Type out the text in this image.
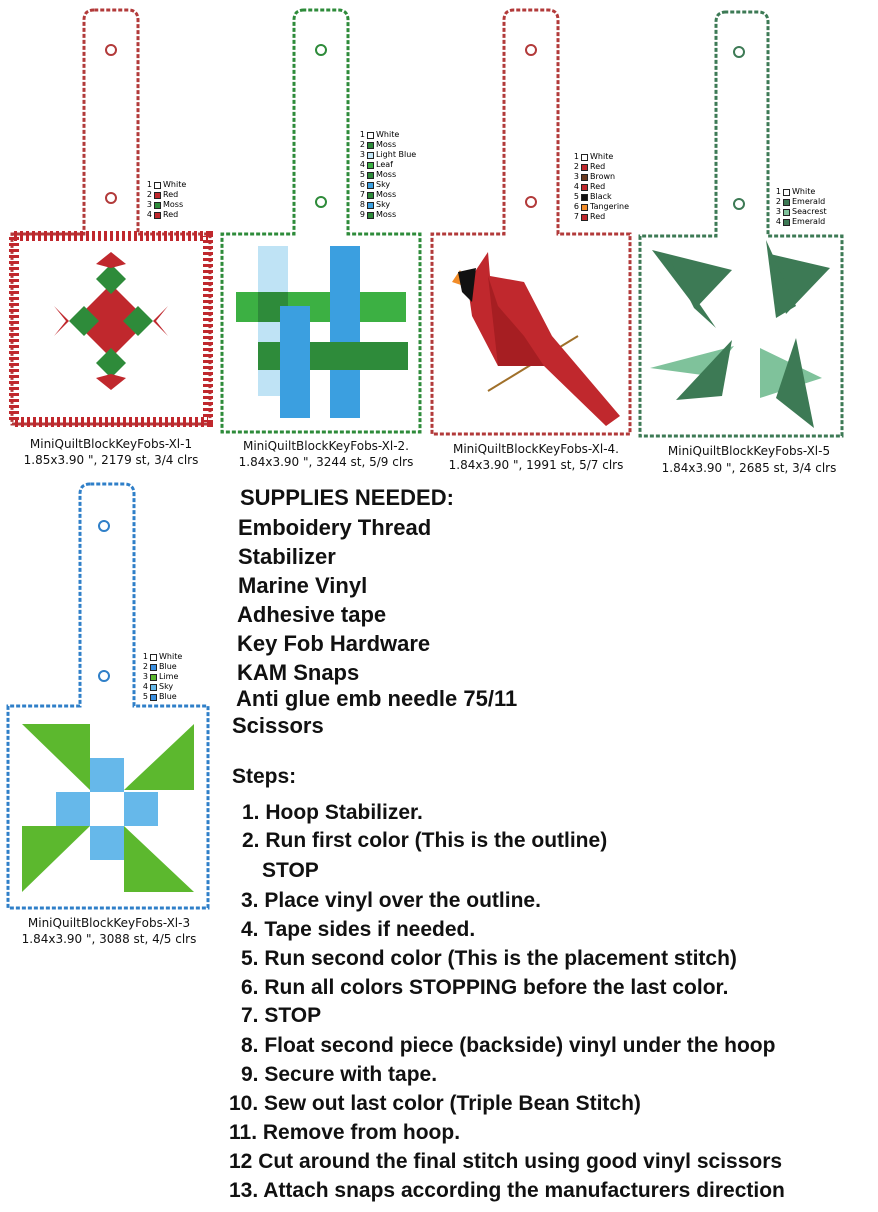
1 White
2 Red
3 Moss
4 Red
MiniQuiltBlockKeyFobs-Xl-1
1.85x3.90 ", 2179 st, 3/4 clrs
1 White
2 Moss
3 Light Blue
4 Leaf
5 Moss
6 Sky
7 Moss
8 Sky
9 Moss
MiniQuiltBlockKeyFobs-Xl-2.
1.84x3.90 ", 3244 st, 5/9 clrs
1 White
2 Red
3 Brown
4 Red
5 Black
6 Tangerine
7 Red
MiniQuiltBlockKeyFobs-Xl-4.
1.84x3.90 ", 1991 st, 5/7 clrs
1 White
2 Emerald
3 Seacrest
4 Emerald
MiniQuiltBlockKeyFobs-Xl-5
1.84x3.90 ", 2685 st, 3/4 clrs
1 White
2 Blue
3 Lime
4 Sky
5 Blue
MiniQuiltBlockKeyFobs-Xl-3
1.84x3.90 ", 3088 st, 4/5 clrs
SUPPLIES NEEDED:
Emboidery Thread
Stabilizer
Marine Vinyl
Adhesive tape
Key Fob Hardware
KAM Snaps
Anti glue emb needle 75/11
Scissors
Steps:
1. Hoop Stabilizer.
2. Run first color (This is the outline)
STOP
3. Place vinyl over the outline.
4. Tape sides if needed.
5. Run second color (This is the placement stitch)
6. Run all colors STOPPING before the last color.
7. STOP
8. Float second piece (backside) vinyl under the hoop
9. Secure with tape.
10. Sew out last color (Triple Bean Stitch)
11. Remove from hoop.
12 Cut around the final stitch using good vinyl scissors
13. Attach snaps according the manufacturers direction
